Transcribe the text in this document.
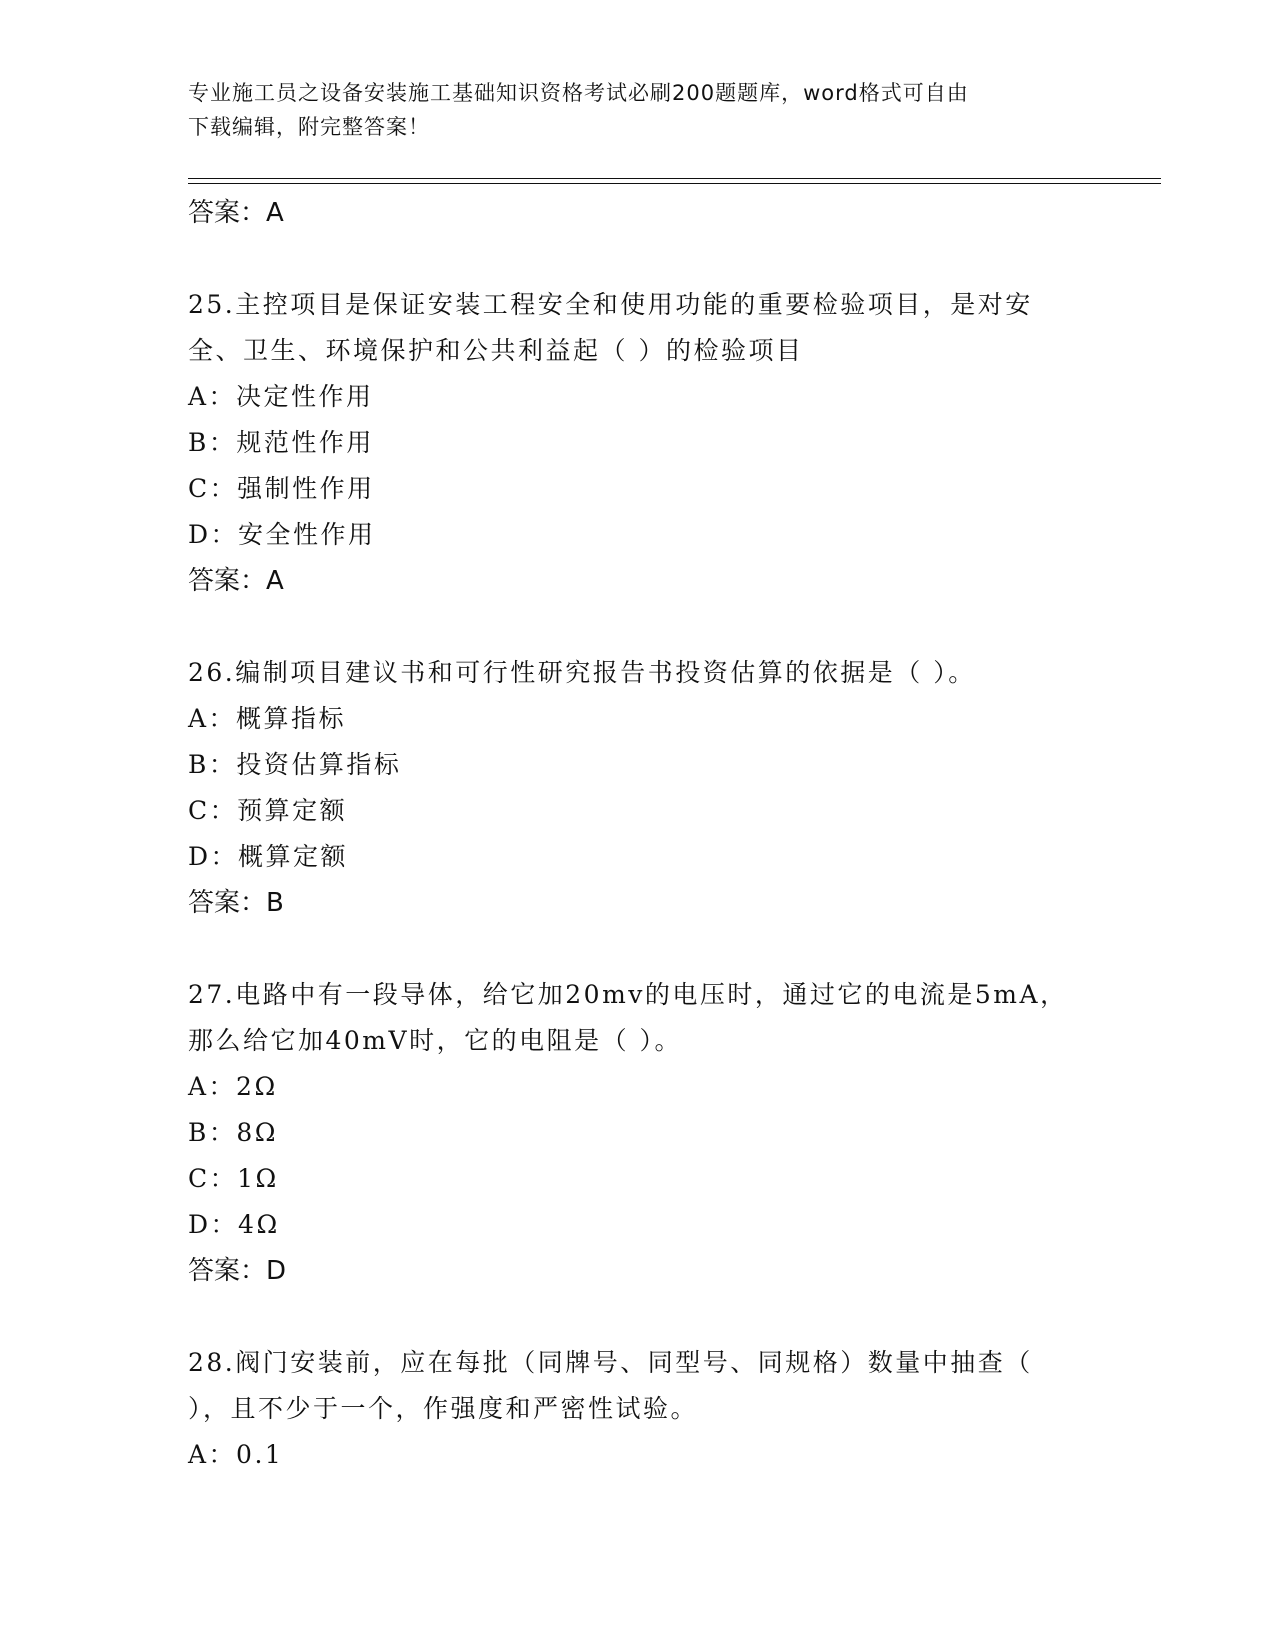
专业施工员之设备安装施工基础知识资格考试必刷200题题库，word格式可自由
下载编辑，附完整答案！
答案：A
25.主控项目是保证安装工程安全和使用功能的重要检验项目，是对安
全、卫生、环境保护和公共利益起（ ）的检验项目
A：决定性作用
B：规范性作用
C：强制性作用
D：安全性作用
答案：A
26.编制项目建议书和可行性研究报告书投资估算的依据是（ ）。
A：概算指标
B：投资估算指标
C：预算定额
D：概算定额
答案：B
27.电路中有一段导体，给它加20mv的电压时，通过它的电流是5mA，
那么给它加40mV时，它的电阻是（ ）。
A：2Ω
B：8Ω
C：1Ω
D：4Ω
答案：D
28.阀门安装前，应在每批（同牌号、同型号、同规格）数量中抽查（
），且不少于一个，作强度和严密性试验。
A：0.1
